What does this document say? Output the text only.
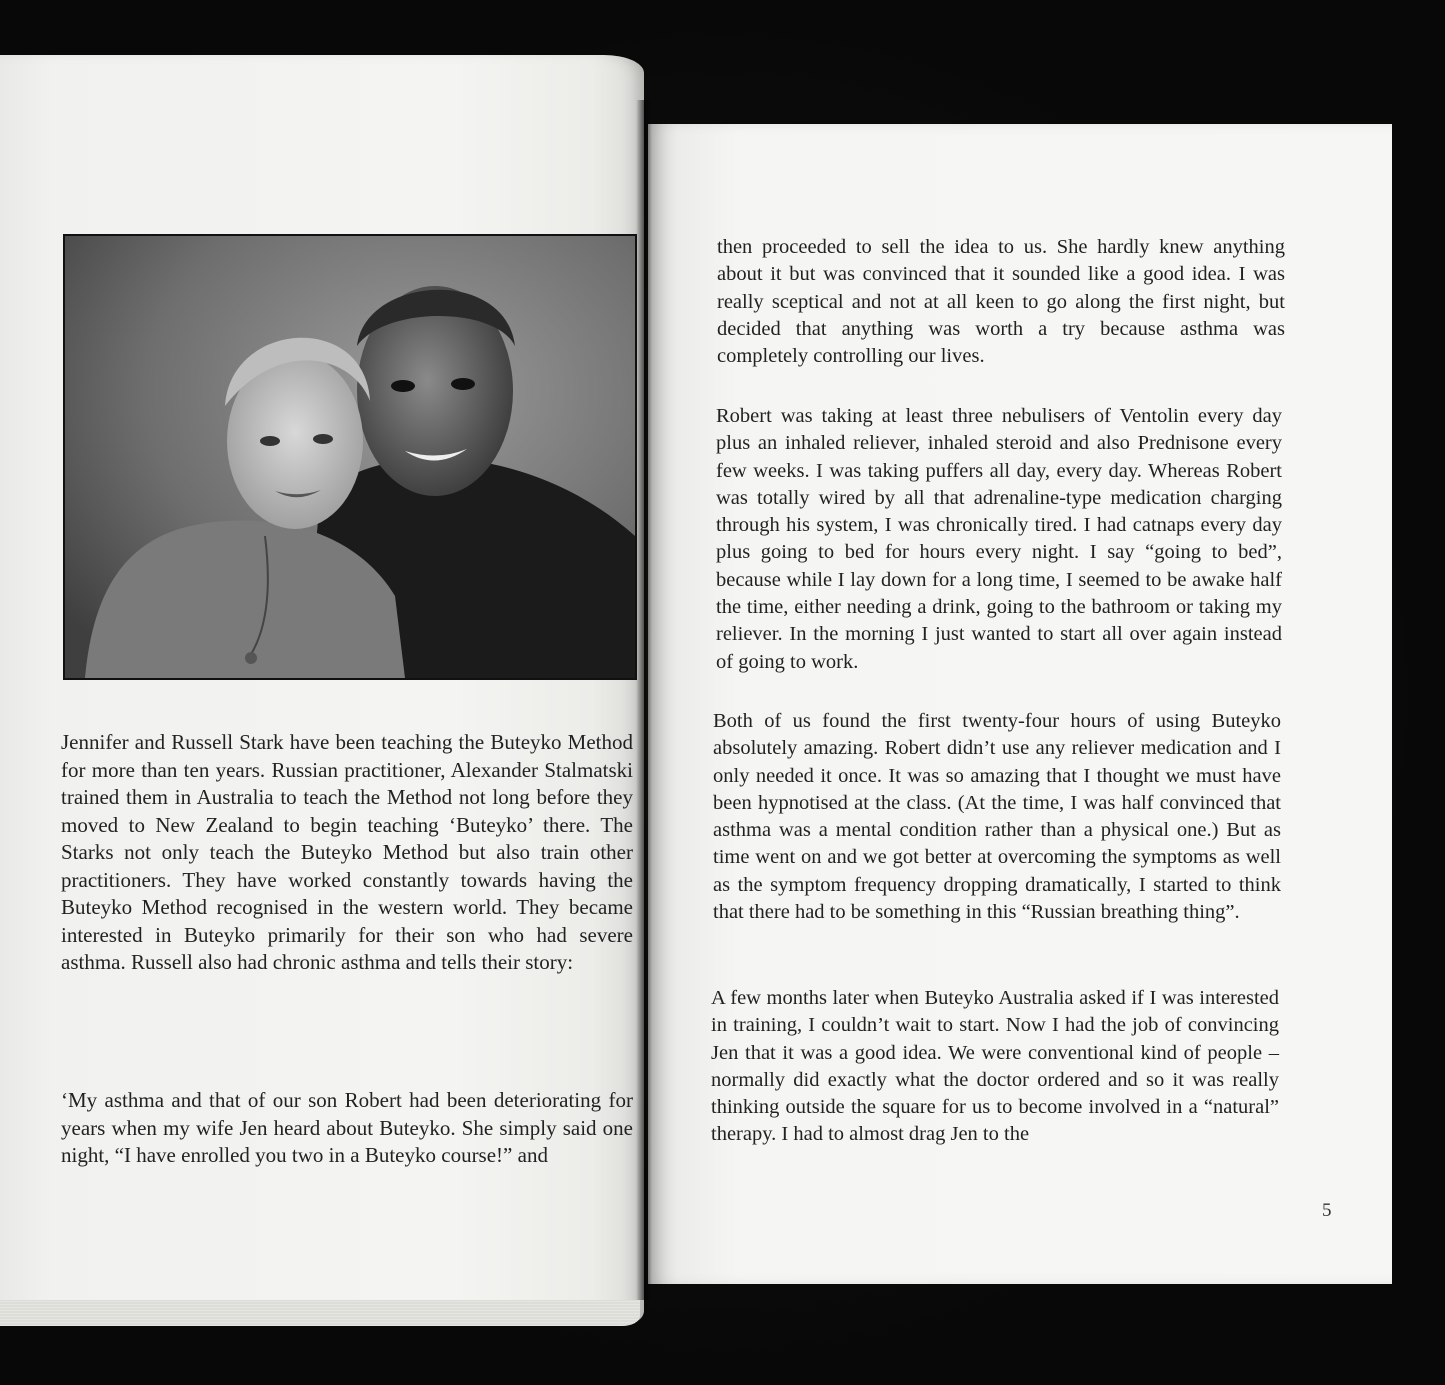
Jennifer and Russell Stark have been teaching the Buteyko Method for more than ten years. Russian practitioner, Alexander Stalmatski trained them in Australia to teach the Method not long before they moved to New Zealand to begin teaching ‘Buteyko’ there. The Starks not only teach the Buteyko Method but also train other practitioners. They have worked constantly towards having the Buteyko Method recognised in the western world. They became interested in Buteyko primarily for their son who had severe asthma. Russell also had chronic asthma and tells their story:

‘My asthma and that of our son Robert had been deteriorating for years when my wife Jen heard about Buteyko. She simply said one night, “I have enrolled you two in a Buteyko course!” and

then proceeded to sell the idea to us. She hardly knew anything about it but was convinced that it sounded like a good idea. I was really sceptical and not at all keen to go along the first night, but decided that anything was worth a try because asthma was completely controlling our lives.

Robert was taking at least three nebulisers of Ventolin every day plus an inhaled reliever, inhaled steroid and also Prednisone every few weeks. I was taking puffers all day, every day. Whereas Robert was totally wired by all that adrenaline-type medication charging through his system, I was chronically tired. I had catnaps every day plus going to bed for hours every night. I say “going to bed”, because while I lay down for a long time, I seemed to be awake half the time, either needing a drink, going to the bathroom or taking my reliever. In the morning I just wanted to start all over again instead of going to work.

Both of us found the first twenty-four hours of using Buteyko absolutely amazing. Robert didn’t use any reliever medication and I only needed it once. It was so amazing that I thought we must have been hypnotised at the class. (At the time, I was half convinced that asthma was a mental condition rather than a physical one.) But as time went on and we got better at overcoming the symptoms as well as the symptom frequency dropping dramatically, I started to think that there had to be something in this “Russian breathing thing”.

A few months later when Buteyko Australia asked if I was interested in training, I couldn’t wait to start. Now I had the job of convincing Jen that it was a good idea. We were conventional kind of people – normally did exactly what the doctor ordered and so it was really thinking outside the square for us to become involved in a “natural” therapy. I had to almost drag Jen to the

5
